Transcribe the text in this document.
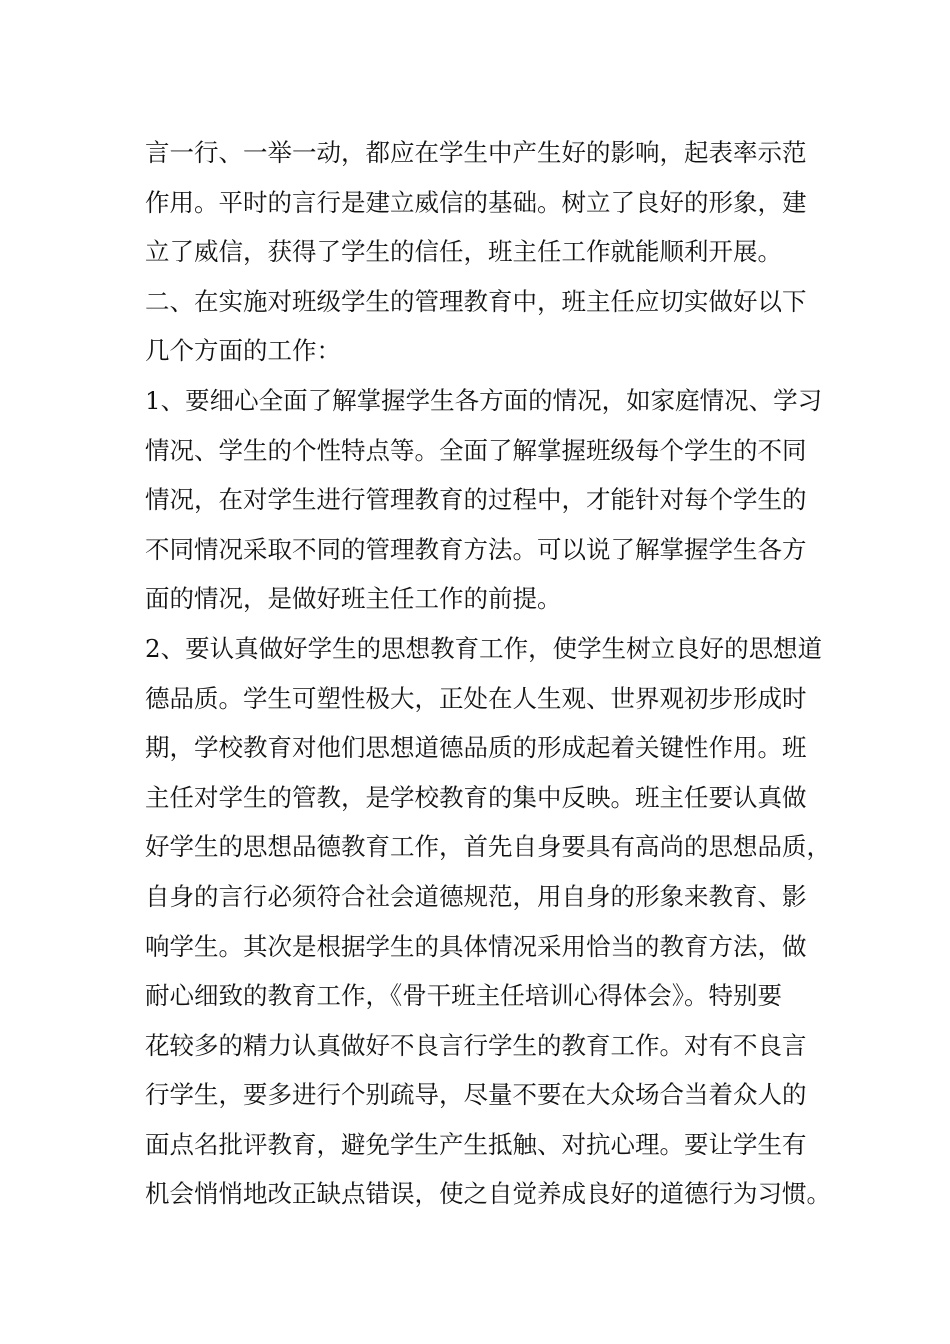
言一行、一举一动，都应在学生中产生好的影响，起表率示范
作用。平时的言行是建立威信的基础。树立了良好的形象，建
立了威信，获得了学生的信任，班主任工作就能顺利开展。
二、在实施对班级学生的管理教育中，班主任应切实做好以下
几个方面的工作：
1、要细心全面了解掌握学生各方面的情况，如家庭情况、学习
情况、学生的个性特点等。全面了解掌握班级每个学生的不同
情况，在对学生进行管理教育的过程中，才能针对每个学生的
不同情况采取不同的管理教育方法。可以说了解掌握学生各方
面的情况，是做好班主任工作的前提。
2、要认真做好学生的思想教育工作，使学生树立良好的思想道
德品质。学生可塑性极大，正处在人生观、世界观初步形成时
期，学校教育对他们思想道德品质的形成起着关键性作用。班
主任对学生的管教，是学校教育的集中反映。班主任要认真做
好学生的思想品德教育工作，首先自身要具有高尚的思想品质，
自身的言行必须符合社会道德规范，用自身的形象来教育、影
响学生。其次是根据学生的具体情况采用恰当的教育方法，做
耐心细致的教育工作，《骨干班主任培训心得体会》。特别要
花较多的精力认真做好不良言行学生的教育工作。对有不良言
行学生，要多进行个别疏导，尽量不要在大众场合当着众人的
面点名批评教育，避免学生产生抵触、对抗心理。要让学生有
机会悄悄地改正缺点错误，使之自觉养成良好的道德行为习惯。
